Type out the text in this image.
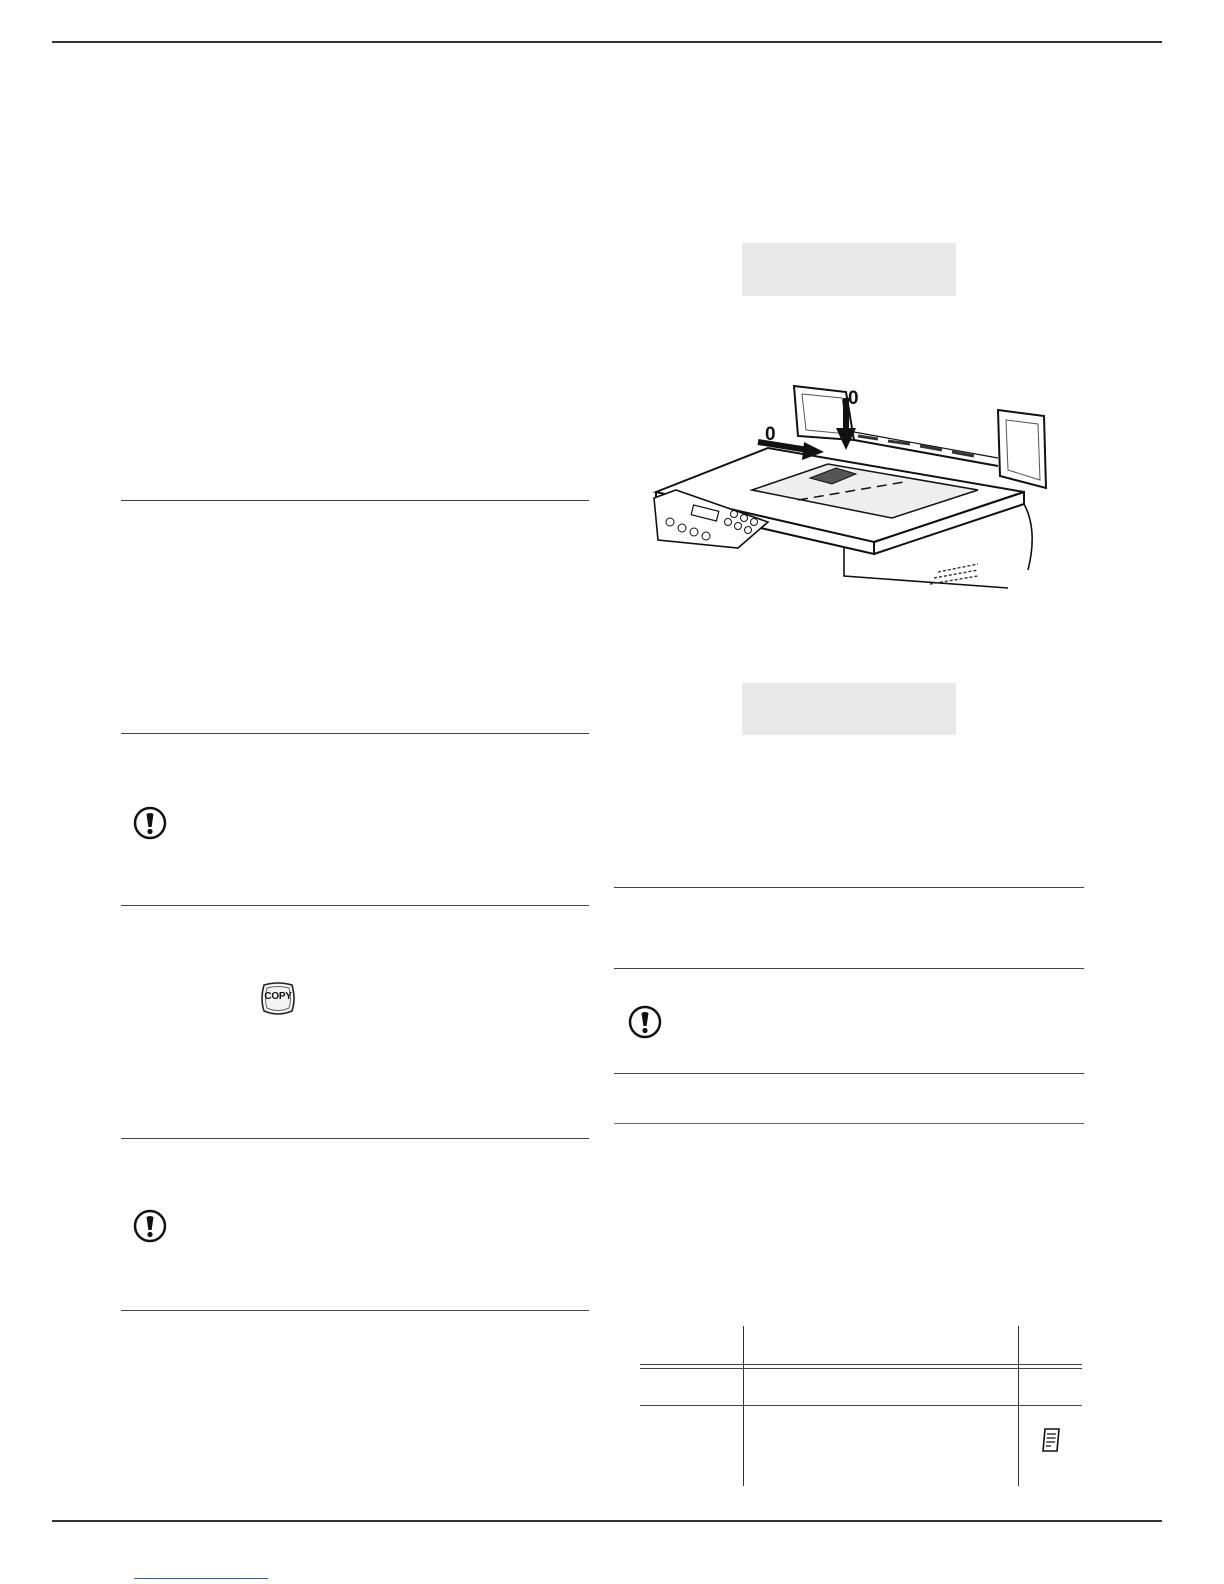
COPY
0
0
